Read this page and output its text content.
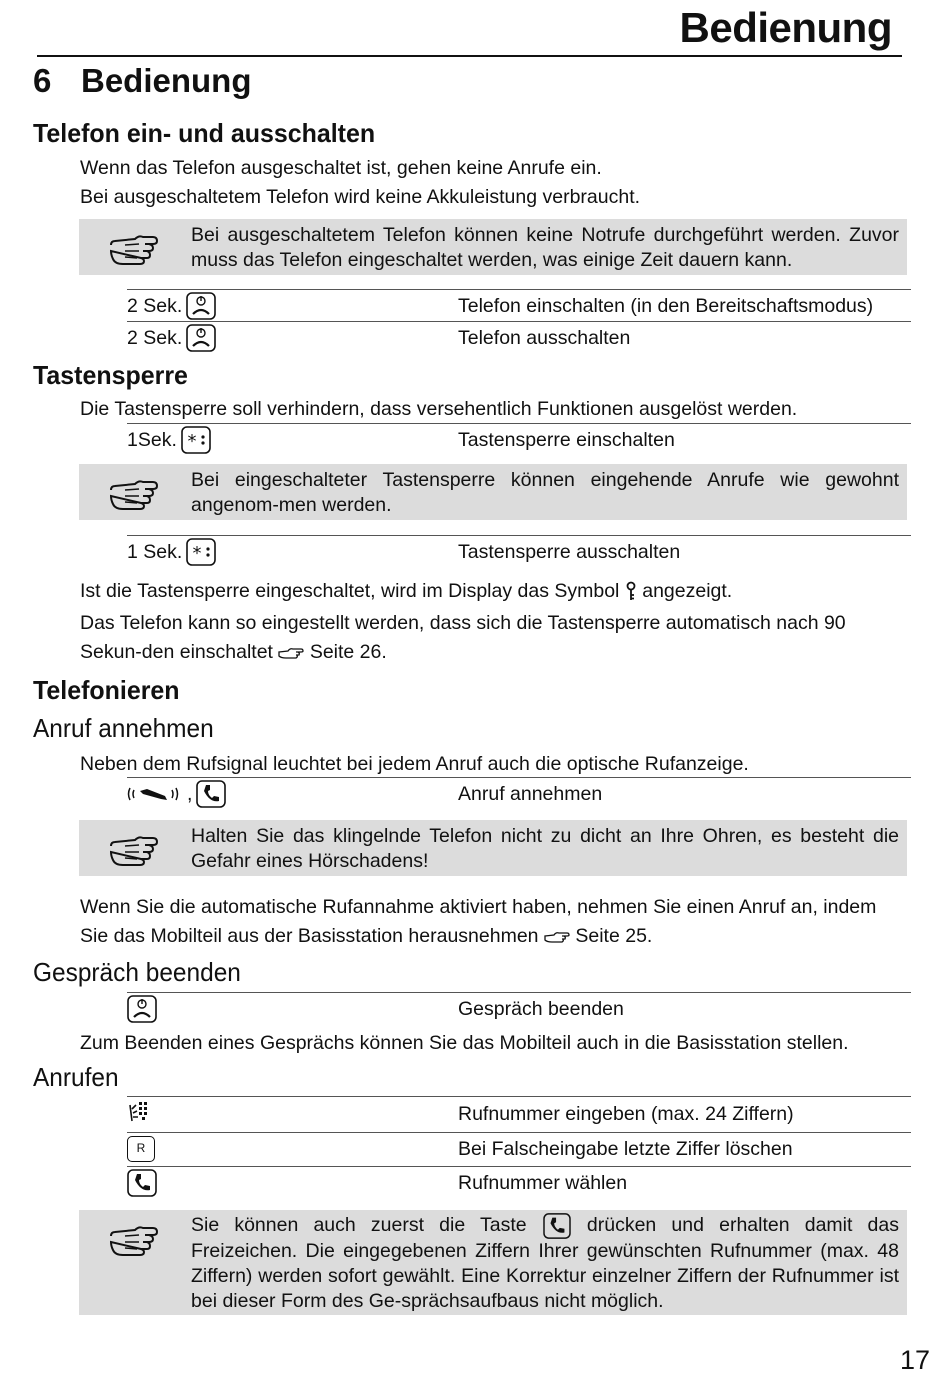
Bedienung
6 Bedienung
Telefon ein- und ausschalten
Wenn das Telefon ausgeschaltet ist, gehen keine Anrufe ein.
Bei ausgeschaltetem Telefon wird keine Akkuleistung verbraucht.
Bei ausgeschaltetem Telefon können keine Notrufe durchgeführt werden. Zuvor muss das Telefon eingeschaltet werden, was einige Zeit dauern kann.
2 Sek.	Telefon einschalten (in den Bereitschaftsmodus)
2 Sek.	Telefon ausschalten
Tastensperre
Die Tastensperre soll verhindern, dass versehentlich Funktionen ausgelöst werden.
1Sek. *	Tastensperre einschalten
Bei eingeschalteter Tastensperre können eingehende Anrufe wie gewohnt angenom-men werden.
1 Sek. *	Tastensperre ausschalten
Ist die Tastensperre eingeschaltet, wird im Display das Symbol angezeigt.
Das Telefon kann so eingestellt werden, dass sich die Tastensperre automatisch nach 90 Sekun-den einschaltet Seite 26.
Telefonieren
Anruf annehmen
Neben dem Rufsignal leuchtet bei jedem Anruf auch die optische Rufanzeige.
,	Anruf annehmen
Halten Sie das klingelnde Telefon nicht zu dicht an Ihre Ohren, es besteht die Gefahr eines Hörschadens!
Wenn Sie die automatische Rufannahme aktiviert haben, nehmen Sie einen Anruf an, indem Sie das Mobilteil aus der Basisstation herausnehmen Seite 25.
Gespräch beenden
Gespräch beenden
Zum Beenden eines Gesprächs können Sie das Mobilteil auch in die Basisstation stellen.
Anrufen
Rufnummer eingeben (max. 24 Ziffern)
R	Bei Falscheingabe letzte Ziffer löschen
Rufnummer wählen
Sie können auch zuerst die Taste	drücken und erhalten damit das Freizeichen. Die eingegebenen Ziffern Ihrer gewünschten Rufnummer (max. 48 Ziffern) werden sofort gewählt. Eine Korrektur einzelner Ziffern der Rufnummer ist bei dieser Form des Ge-sprächsaufbaus nicht möglich.
17
